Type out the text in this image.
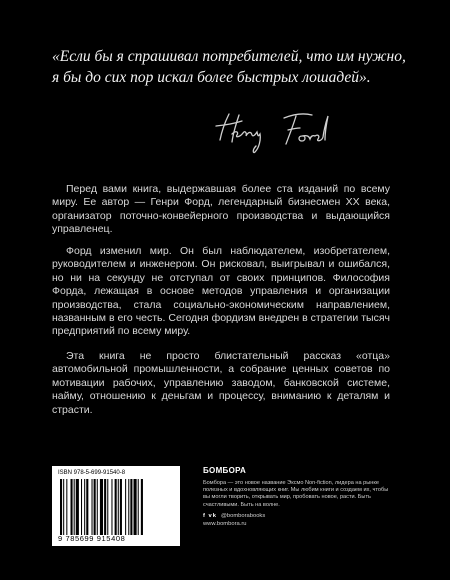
«Если бы я спрашивал потребителей, что им нужно,
я бы до сих пор искал более быстрых лошадей».

Перед вами книга, выдержавшая более ста изданий по всему миру. Ее автор — Генри Форд, легендарный бизнесмен XX века, организатор поточно-конвейерного производства и выдающийся управленец.

Форд изменил мир. Он был наблюдателем, изобретателем, руководителем и инженером. Он рисковал, выигрывал и ошибался, но ни на секунду не отступал от своих принципов. Философия Форда, лежащая в основе методов управления и организации производства, стала социально-экономическим направлением, названным в его честь. Сегодня фордизм внедрен в стратегии тысяч предприятий по всему миру.

Эта книга не просто блистательный рассказ «отца» автомобильной промышленности, а собрание ценных советов по мотивации рабочих, управлению заводом, банковской системе, найму, отношению к деньгам и процессу, вниманию к деталям и страсти.

ISBN 978-5-699-91540-8
9 785699 915408
БОМБОРА
Бомбора — это новое название Эксмо Non-fiction, лидера на рынке полезных и вдохновляющих книг. Мы любим книги и создаем их, чтобы вы могли творить, открывать мир, пробовать новое, расти. Быть счастливыми. Быть на волне.
f vk @bomborabooks
www.bombora.ru
